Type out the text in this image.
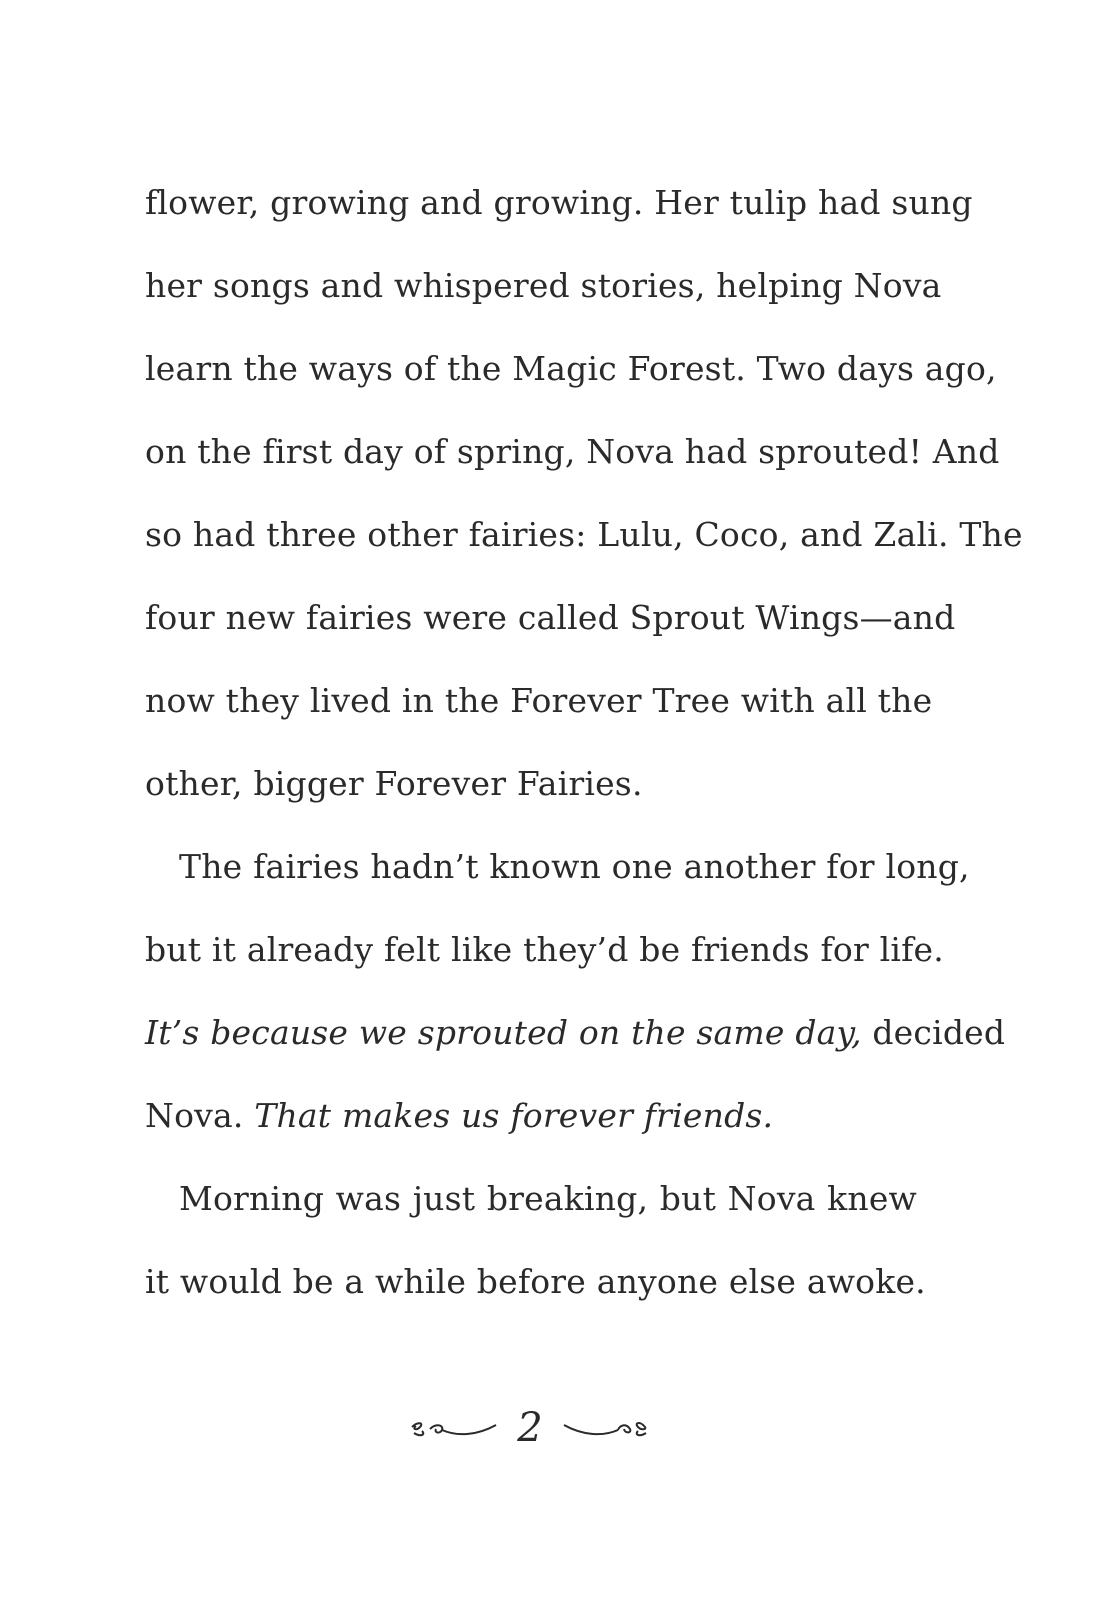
flower, growing and growing. Her tulip had sung
her songs and whispered stories, helping Nova
learn the ways of the Magic Forest. Two days ago,
on the first day of spring, Nova had sprouted! And
so had three other fairies: Lulu, Coco, and Zali. The
four new fairies were called Sprout Wings—and
now they lived in the Forever Tree with all the
other, bigger Forever Fairies.
The fairies hadn’t known one another for long,
but it already felt like they’d be friends for life.
It’s because we sprouted on the same day, decided
Nova. That makes us forever friends.
Morning was just breaking, but Nova knew
it would be a while before anyone else awoke.
2
